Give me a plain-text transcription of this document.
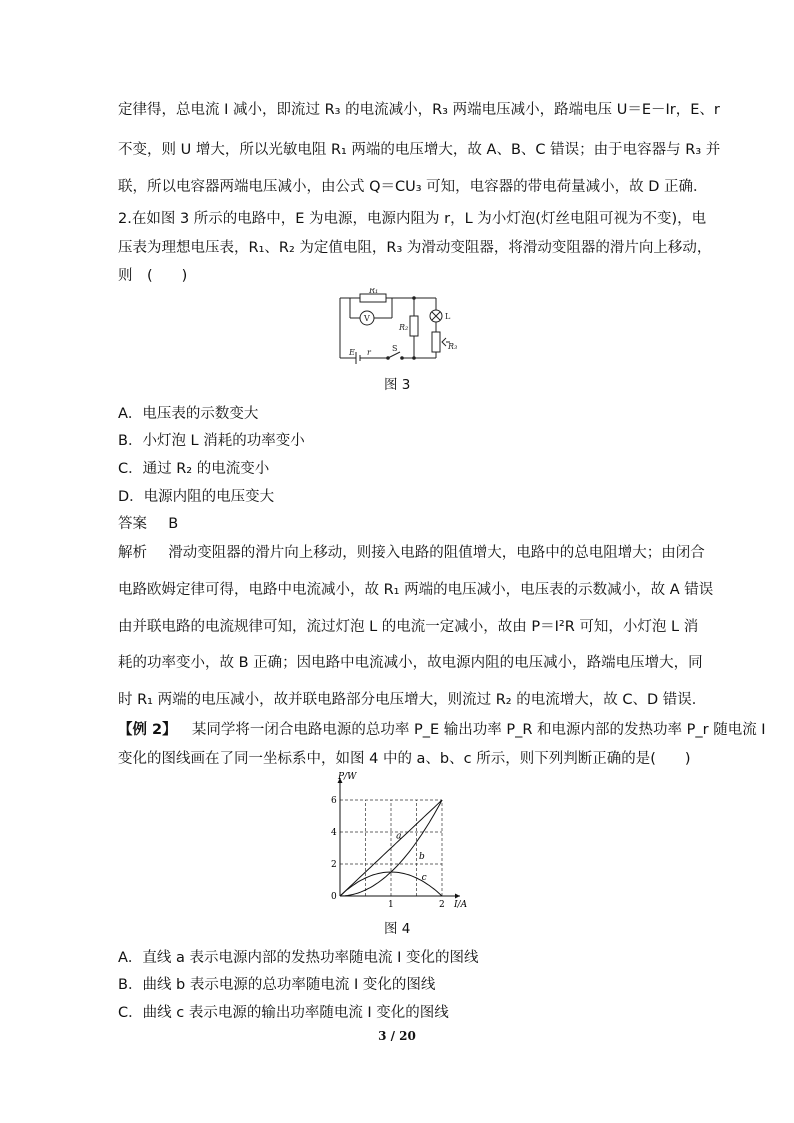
定律得，总电流 I 减小，即流过 R₃ 的电流减小，R₃ 两端电压减小，路端电压 U＝E－Ir，E、r
不变，则 U 增大，所以光敏电阻 R₁ 两端的电压增大，故 A、B、C 错误；由于电容器与 R₃ 并
联，所以电容器两端电压减小，由公式 Q＝CU₃ 可知，电容器的带电荷量减小，故 D 正确．
2.在如图 3 所示的电路中，E 为电源，电源内阻为 r，L 为小灯泡(灯丝电阻可视为不变)，电
压表为理想电压表，R₁、R₂ 为定值电阻，R₃ 为滑动变阻器，将滑动变阻器的滑片向上移动，
则　(　　)
R₁
V
R₂
L
R₃
E r	S
图 3
A．电压表的示数变大
B．小灯泡 L 消耗的功率变小
C．通过 R₂ 的电流变小
D．电源内阻的电压变大
答案 B
解析 滑动变阻器的滑片向上移动，则接入电路的阻值增大，电路中的总电阻增大；由闭合
电路欧姆定律可得，电路中电流减小，故 R₁ 两端的电压减小，电压表的示数减小，故 A 错误
由并联电路的电流规律可知，流过灯泡 L 的电流一定减小，故由 P＝I²R 可知，小灯泡 L 消
耗的功率变小，故 B 正确；因电路中电流减小，故电源内阻的电压减小，路端电压增大，同
时 R₁ 两端的电压减小，故并联电路部分电压增大，则流过 R₂ 的电流增大，故 C、D 错误．
【例 2】 某同学将一闭合电路电源的总功率 P_E 输出功率 P_R 和电源内部的发热功率 P_r 随电流 I
变化的图线画在了同一坐标系中，如图 4 中的 a、b、c 所示，则下列判断正确的是(　　)
P/W
I/A
0
2
4
6
1	2
a
b
c
图 4
A．直线 a 表示电源内部的发热功率随电流 I 变化的图线
B．曲线 b 表示电源的总功率随电流 I 变化的图线
C．曲线 c 表示电源的输出功率随电流 I 变化的图线
3 / 20
